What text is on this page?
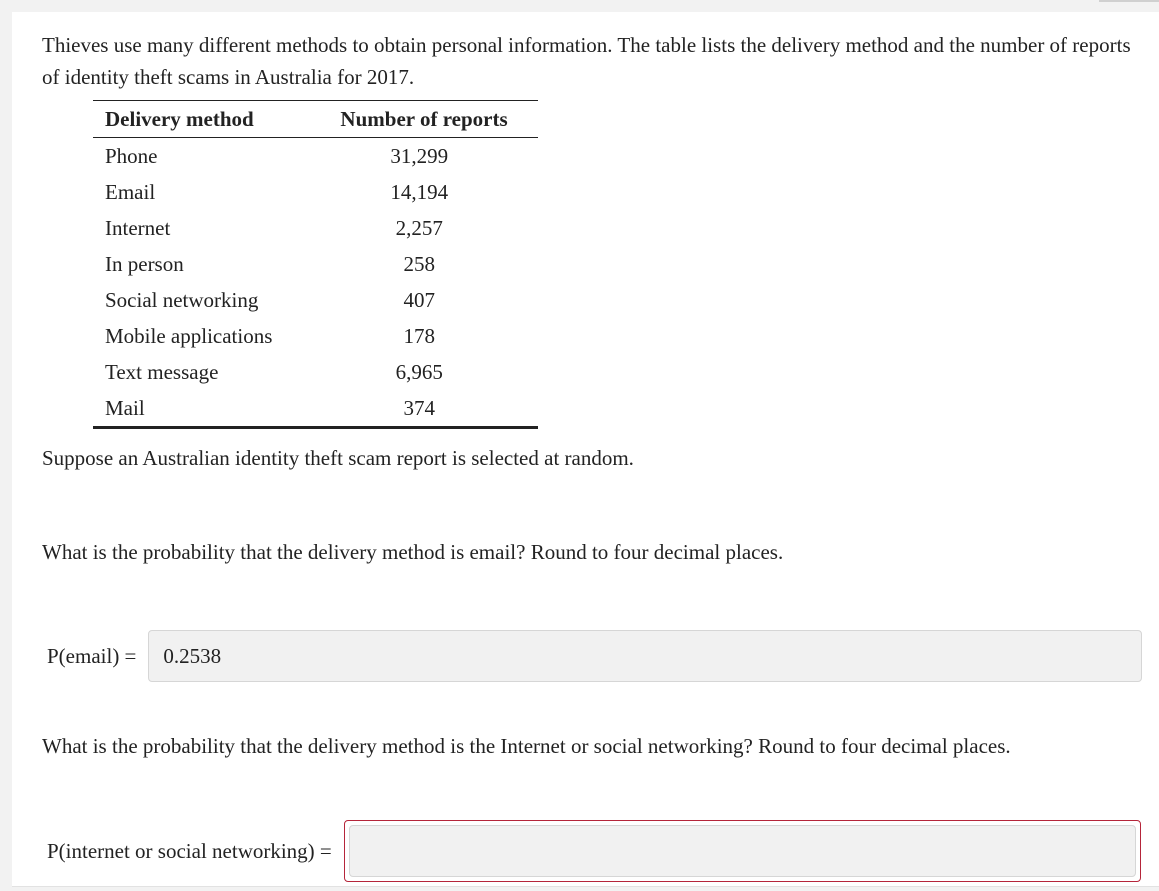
Thieves use many different methods to obtain personal information. The table lists the delivery method and the number of reports of identity theft scams in Australia for 2017.

Delivery method	Number of reports
Phone	31,299
Email	14,194
Internet	2,257
In person	258
Social networking	407
Mobile applications	178
Text message	6,965
Mail	374

Suppose an Australian identity theft scam report is selected at random.

What is the probability that the delivery method is email? Round to four decimal places.

P(email) = 0.2538

What is the probability that the delivery method is the Internet or social networking? Round to four decimal places.

P(internet or social networking) =
